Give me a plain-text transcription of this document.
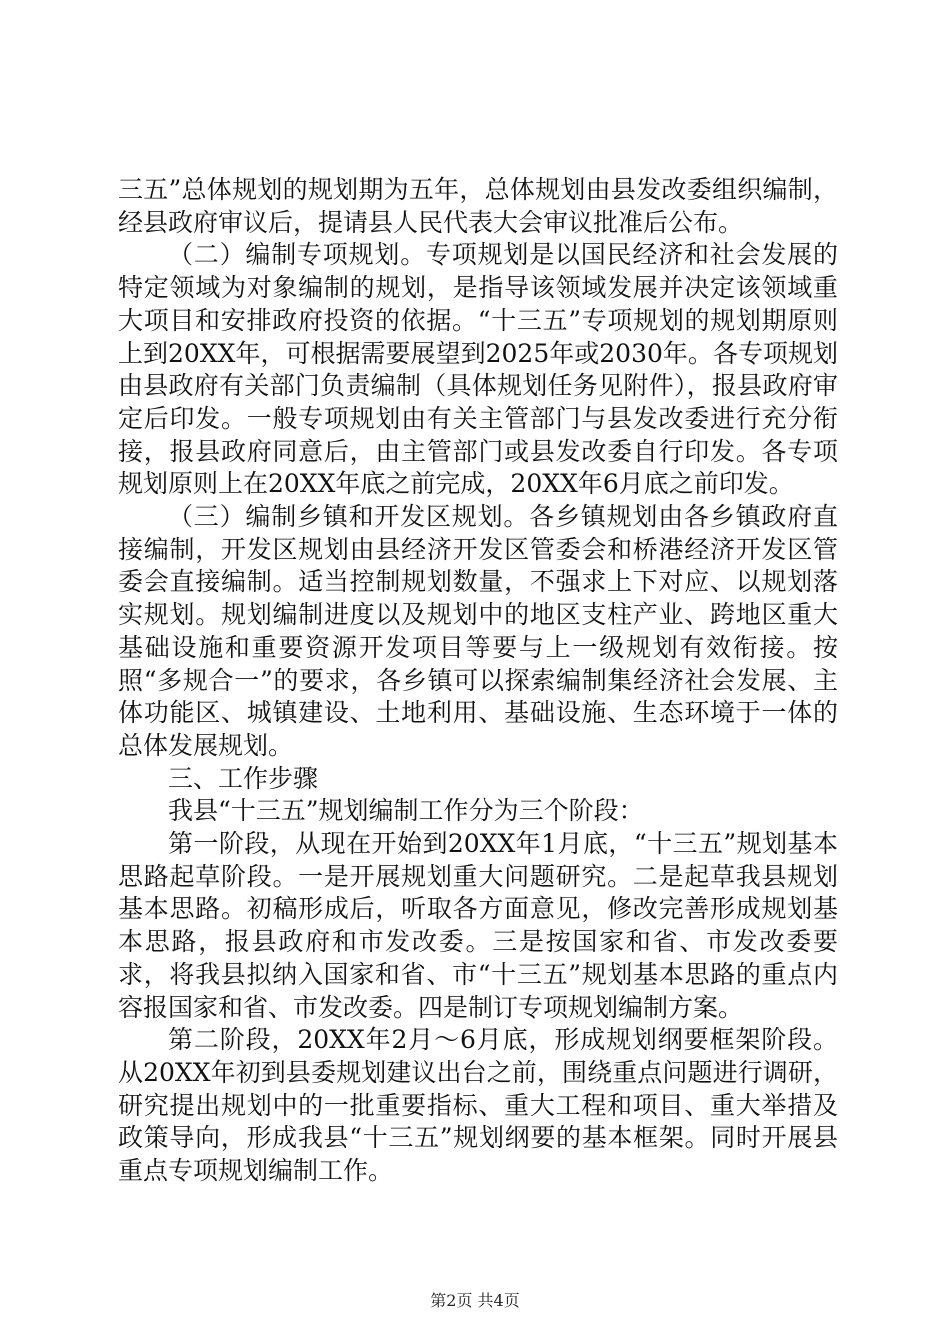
三五”总体规划的规划期为五年，总体规划由县发改委组织编制，经县政府审议后，提请县人民代表大会审议批准后公布。

（二）编制专项规划。专项规划是以国民经济和社会发展的特定领域为对象编制的规划，是指导该领域发展并决定该领域重大项目和安排政府投资的依据。“十三五”专项规划的规划期原则上到20XX年，可根据需要展望到2025年或2030年。各专项规划由县政府有关部门负责编制（具体规划任务见附件），报县政府审定后印发。一般专项规划由有关主管部门与县发改委进行充分衔接，报县政府同意后，由主管部门或县发改委自行印发。各专项规划原则上在20XX年底之前完成，20XX年6月底之前印发。

（三）编制乡镇和开发区规划。各乡镇规划由各乡镇政府直接编制，开发区规划由县经济开发区管委会和桥港经济开发区管委会直接编制。适当控制规划数量，不强求上下对应、以规划落实规划。规划编制进度以及规划中的地区支柱产业、跨地区重大基础设施和重要资源开发项目等要与上一级规划有效衔接。按照“多规合一”的要求，各乡镇可以探索编制集经济社会发展、主体功能区、城镇建设、土地利用、基础设施、生态环境于一体的总体发展规划。

三、工作步骤

我县“十三五”规划编制工作分为三个阶段：

第一阶段，从现在开始到20XX年1月底，“十三五”规划基本思路起草阶段。一是开展规划重大问题研究。二是起草我县规划基本思路。初稿形成后，听取各方面意见，修改完善形成规划基本思路，报县政府和市发改委。三是按国家和省、市发改委要求，将我县拟纳入国家和省、市“十三五”规划基本思路的重点内容报国家和省、市发改委。四是制订专项规划编制方案。

第二阶段，20XX年2月～6月底，形成规划纲要框架阶段。从20XX年初到县委规划建议出台之前，围绕重点问题进行调研，研究提出规划中的一批重要指标、重大工程和项目、重大举措及政策导向，形成我县“十三五”规划纲要的基本框架。同时开展县重点专项规划编制工作。

第2页 共4页
